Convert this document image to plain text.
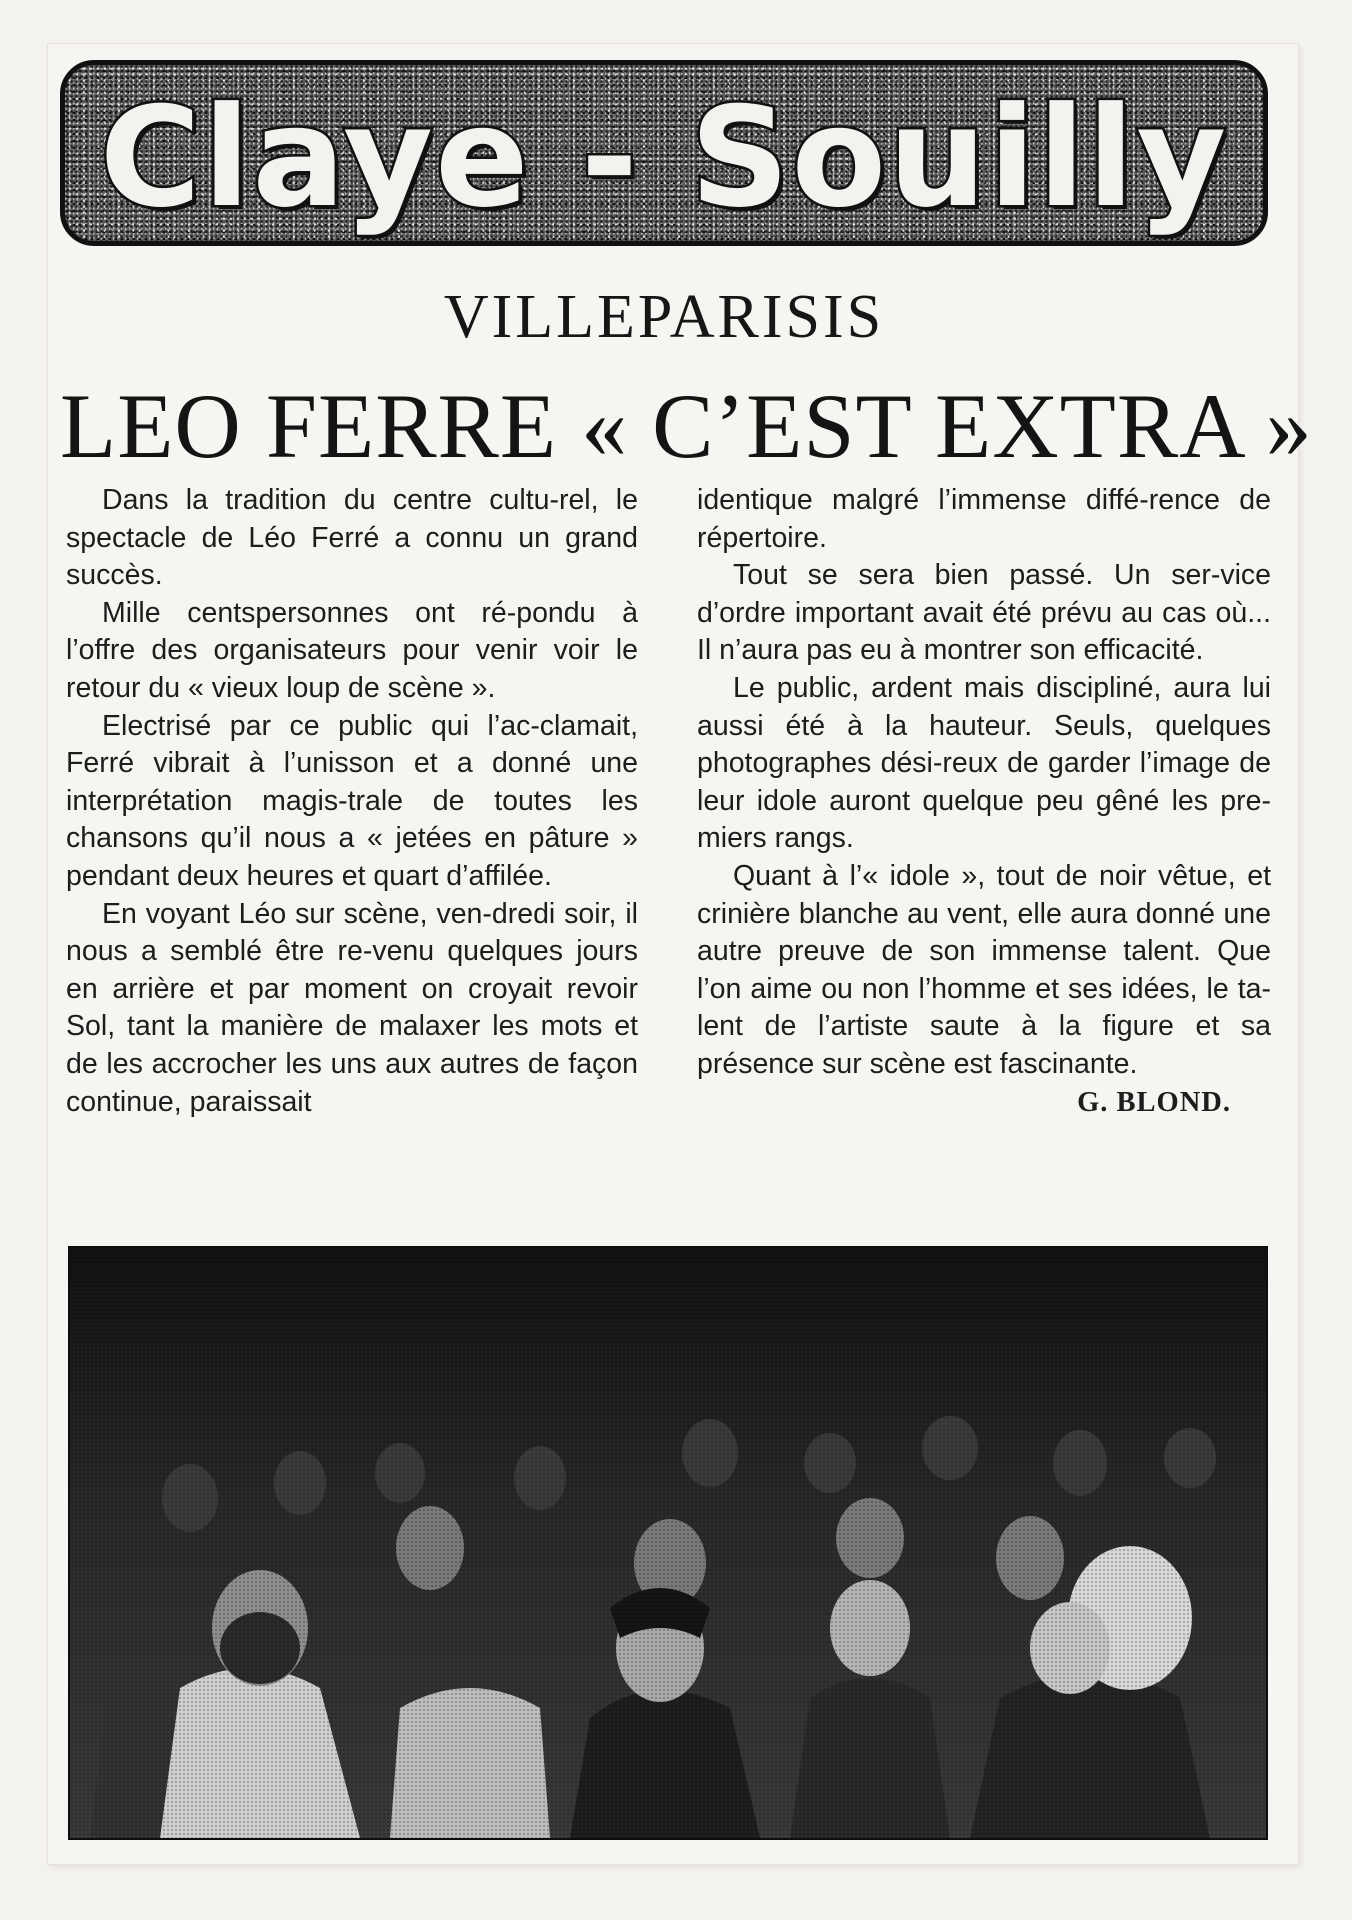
Claye - Souilly
VILLEPARISIS
LEO FERRE « C’EST EXTRA »

Dans la tradition du centre cultu-rel, le spectacle de Léo Ferré a connu un grand succès.

Mille centspersonnes ont ré-pondu à l’offre des organisateurs pour venir voir le retour du « vieux loup de scène ».

Electrisé par ce public qui l’ac-clamait, Ferré vibrait à l’unisson et a donné une interprétation magis-trale de toutes les chansons qu’il nous a « jetées en pâture » pendant deux heures et quart d’affilée.

En voyant Léo sur scène, ven-dredi soir, il nous a semblé être re-venu quelques jours en arrière et par moment on croyait revoir Sol, tant la manière de malaxer les mots et de les accrocher les uns aux autres de façon continue, paraissait

identique malgré l’immense diffé-rence de répertoire.

Tout se sera bien passé. Un ser-vice d’ordre important avait été prévu au cas où... Il n’aura pas eu à montrer son efficacité.

Le public, ardent mais discipliné, aura lui aussi été à la hauteur. Seuls, quelques photographes dési-reux de garder l’image de leur idole auront quelque peu gêné les pre-miers rangs.

Quant à l’« idole », tout de noir vêtue, et crinière blanche au vent, elle aura donné une autre preuve de son immense talent. Que l’on aime ou non l’homme et ses idées, le ta-lent de l’artiste saute à la figure et sa présence sur scène est fascinante.

G. BLOND.
